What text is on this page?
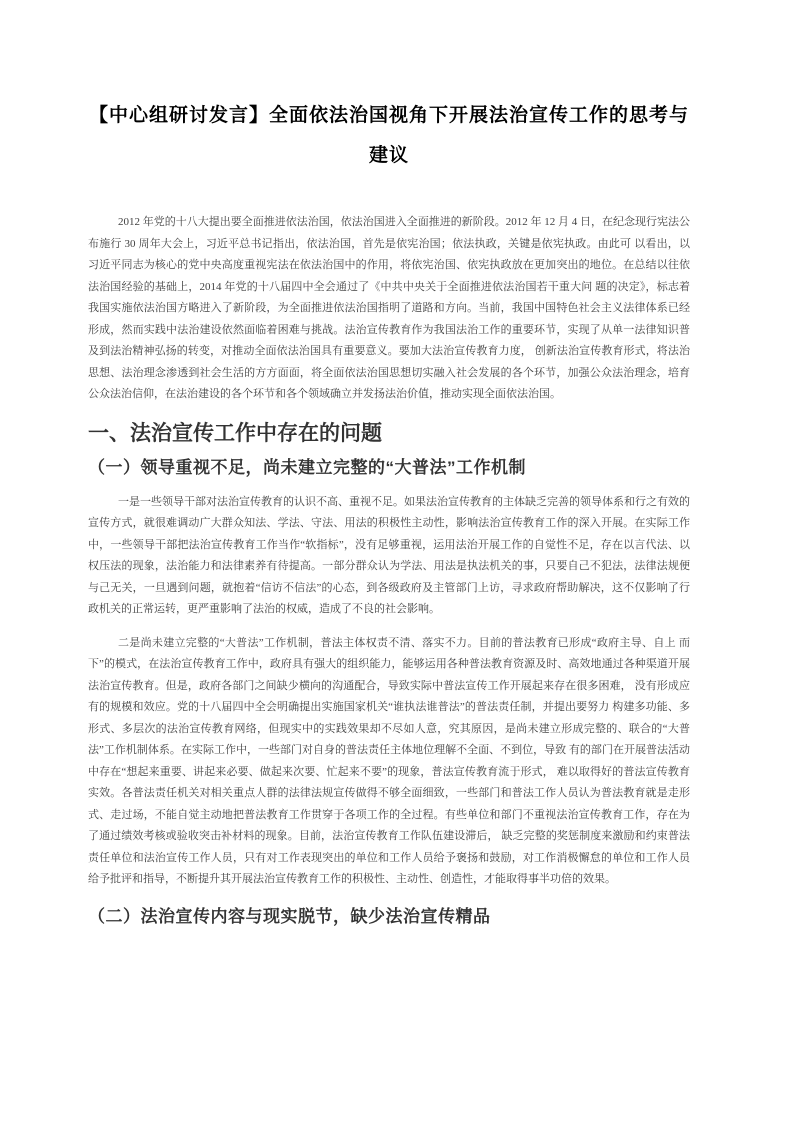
【中心组研讨发言】全面依法治国视角下开展法治宣传工作的思考与建议

2012 年党的十八大提出要全面推进依法治国，依法治国进入全面推进的新阶段。2012 年 12 月 4 日，在纪念现行宪法公布施行 30 周年大会上，习近平总书记指出，依法治国，首先是依宪治国；依法执政，关键是依宪执政。由此可 以看出，以习近平同志为核心的党中央高度重视宪法在依法治国中的作用，将依宪治国、依宪执政放在更加突出的地位。在总结以往依法治国经验的基础上，2014 年党的十八届四中全会通过了《中共中央关于全面推进依法治国若干重大问 题的决定》，标志着我国实施依法治国方略进入了新阶段，为全面推进依法治国指明了道路和方向。当前，我国中国特色社会主义法律体系已经形成，然而实践中法治建设依然面临着困难与挑战。法治宣传教育作为我国法治工作的重要环节，实现了从单一法律知识普及到法治精神弘扬的转变，对推动全面依法治国具有重要意义。要加大法治宣传教育力度， 创新法治宣传教育形式，将法治思想、法治理念渗透到社会生活的方方面面，将全面依法治国思想切实融入社会发展的各个环节，加强公众法治理念，培育公众法治信仰，在法治建设的各个环节和各个领域确立并发扬法治价值，推动实现全面依法治国。

一、法治宣传工作中存在的问题
（一）领导重视不足，尚未建立完整的“大普法”工作机制

一是一些领导干部对法治宣传教育的认识不高、重视不足。如果法治宣传教育的主体缺乏完善的领导体系和行之有效的宣传方式，就很难调动广大群众知法、学法、守法、用法的积极性主动性，影响法治宣传教育工作的深入开展。在实际工作中，一些领导干部把法治宣传教育工作当作“软指标”，没有足够重视，运用法治开展工作的自觉性不足，存在以言代法、以权压法的现象，法治能力和法律素养有待提高。一部分群众认为学法、用法是执法机关的事，只要自己不犯法，法律法规便与己无关，一旦遇到问题，就抱着“信访不信法”的心态，到各级政府及主管部门上访，寻求政府帮助解决，这不仅影响了行政机关的正常运转，更严重影响了法治的权威，造成了不良的社会影响。

二是尚未建立完整的“大普法”工作机制，普法主体权责不清、落实不力。目前的普法教育已形成“政府主导、自上 而下”的模式，在法治宣传教育工作中，政府具有强大的组织能力，能够运用各种普法教育资源及时、高效地通过各种渠道开展法治宣传教育。但是，政府各部门之间缺少横向的沟通配合，导致实际中普法宣传工作开展起来存在很多困难， 没有形成应有的规模和效应。党的十八届四中全会明确提出实施国家机关“谁执法谁普法”的普法责任制，并提出要努力 构建多功能、多形式、多层次的法治宣传教育网络，但现实中的实践效果却不尽如人意，究其原因，是尚未建立形成完整的、联合的“大普法”工作机制体系。在实际工作中，一些部门对自身的普法责任主体地位理解不全面、不到位，导致 有的部门在开展普法活动中存在“想起来重要、讲起来必要、做起来次要、忙起来不要”的现象，普法宣传教育流于形式， 难以取得好的普法宣传教育实效。各普法责任机关对相关重点人群的法律法规宣传做得不够全面细致，一些部门和普法工作人员认为普法教育就是走形式、走过场，不能自觉主动地把普法教育工作贯穿于各项工作的全过程。有些单位和部门不重视法治宣传教育工作，存在为了通过绩效考核或验收突击补材料的现象。目前，法治宣传教育工作队伍建设滞后， 缺乏完整的奖惩制度来激励和约束普法责任单位和法治宣传工作人员，只有对工作表现突出的单位和工作人员给予褒扬和鼓励，对工作消极懈怠的单位和工作人员给予批评和指导，不断提升其开展法治宣传教育工作的积极性、主动性、创造性，才能取得事半功倍的效果。

（二）法治宣传内容与现实脱节，缺少法治宣传精品
